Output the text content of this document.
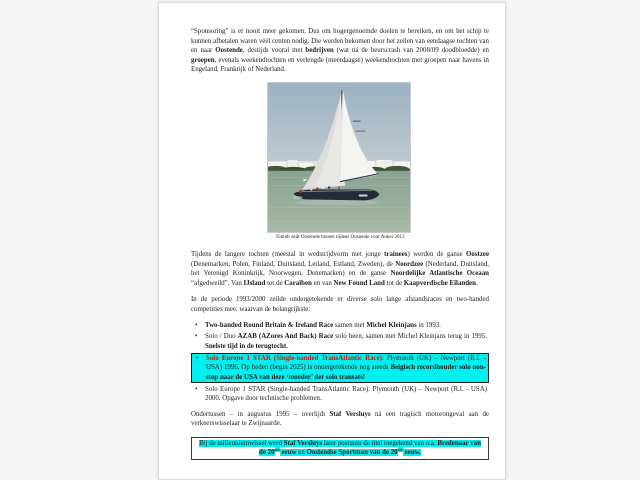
“Sponsoring” is er nooit meer gekomen. Dus om hogergenoemde doelen te bereiken, en om het schip te kunnen afbetalen waren véél centen nodig. Die werden bekomen door het zeilen van eendaagse tochten van en naar Oostende, destijds vooral met bedrijven (wat ná de beurscrash van 2008/09 doodbloedde) en groepen, evenals weekendtochten en verlengde (meerdaagse) weekendtochten met groepen naar havens in Engeland, Frankrijk of Nederland.

Tomidi zeilt Oostende binnen tijdens Oostende voor Anker 2012

Tijdens de langere tochten (meestal in wedstrijdvorm met jonge trainees) werden de ganse Oostzee (Denemarken, Polen, Finland, Duitsland, Letland, Estland, Zweden), de Noordzee (Nederland, Duitsland, het Verenigd Koninkrijk, Noorwegen, Denemarken) en de ganse Noordelijke Atlantische Oceaan “afgedweild”. Van IJsland tot de Caraïben en van New Found Land tot de Kaapverdische Eilanden.

In de periode 1993/2000 zeilde ondergetekende er diverse solo lange afstandsraces en two-handed competities mee, waarvan de belangrijkste:

• Two-handed Round Britain & Ireland Race samen met Michel Kleinjans in 1993.
• Solo / Duo AZAB (AZores And Back) Race solo heen, samen met Michel Kleinjans terug in 1995. Snelste tijd in de terugtocht.
• Solo Europe 1 STAR (Single-handed TransAtlantic Race): Plymouth (UK) – Newport (R.I. - USA) 1996. Op heden (begin 2025) is ondergetekende nog steeds Belgisch recordhouder solo non-stop naar de USA van deze ‘moeder’ der solo transats!
• Solo Europe 1 STAR (Single-handed TransAtlantic Race): Plymouth (UK) – Newport (R.I. - USA) 2000. Opgave door technische problemen.

Ondertussen – in augustus 1995 – overlijdt Staf Versluys ná een tragisch motorongeval aan de verkeerswisselaar te Zwijnaarde.

Bij de millenniumwissel werd Staf Versluys later postuum de titel toegekend van o.a. Bredenaar van de 20ste eeuw en Oostendse Sportman van de 20ste eeuw.
